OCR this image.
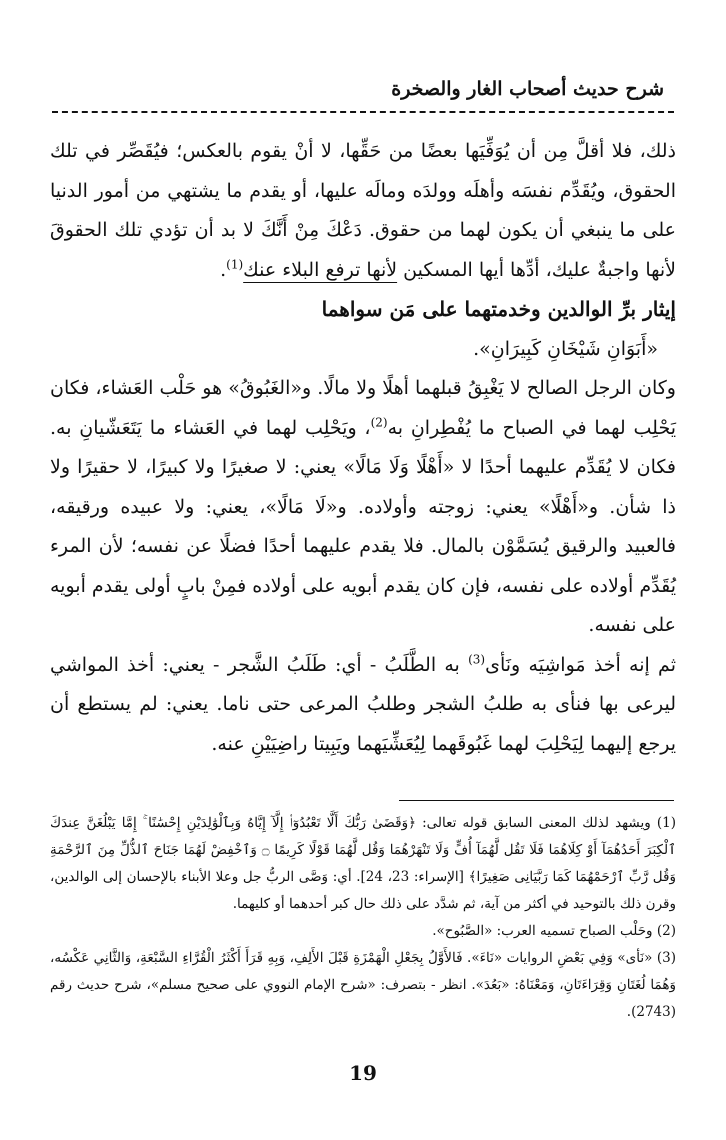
شرح حديث أصحاب الغار والصخرة

ذلك، فلا أقلَّ مِن أن يُوَفِّيَها بعضًا من حَقِّها، لا أنْ يقوم بالعكس؛ فيُقَصِّر في تلك الحقوق، ويُقَدِّم نفسَه وأهلَه وولدَه ومالَه عليها، أو يقدم ما يشتهي من أمور الدنيا على ما ينبغي أن يكون لهما من حقوق. دَعْكَ مِنْ أَنَّكَ لا بد أن تؤدي تلك الحقوقَ لأنها واجبةٌ عليك، أدِّها أيها المسكين لأنها ترفع البلاء عنك$^{(1)}$.

إيثار برِّ الوالدين وخدمتهما على مَن سواهما

«أَبَوَانِ شَيْخَانِ كَبِيرَانِ».

وكان الرجل الصالح لا يَغْبِقُ قبلهما أهلًا ولا مالًا. و«الغَبُوقُ» هو حَلْب العَشاء، فكان يَحْلِب لهما في الصباح ما يُفْطِرانِ به$^{(2)}$، ويَحْلِب لهما في العَشاء ما يَتَعَشّيانِ به. فكان لا يُقَدِّم عليهما أحدًا لا «أَهْلًا وَلَا مَالًا» يعني: لا صغيرًا ولا كبيرًا، لا حقيرًا ولا ذا شأن. و«أَهْلًا» يعني: زوجته وأولاده. و«لَا مَالًا»، يعني: ولا عبيده ورقيقه، فالعبيد والرقيق يُسَمَّوْن بالمال. فلا يقدم عليهما أحدًا فضلًا عن نفسه؛ لأن المرء يُقَدِّم أولاده على نفسه، فإن كان يقدم أبويه على أولاده فمِنْ بابٍ أولى يقدم أبويه على نفسه.

ثم إنه أخذ مَواشِيَه ونَأى$^{(3)}$ به الطَّلَبُ - أي: طَلَبُ الشَّجر - يعني: أخذ المواشي ليرعى بها فنأى به طلبُ الشجر وطلبُ المرعى حتى ناما. يعني: لم يستطع أن يرجع إليهما لِيَحْلِبَ لهما غَبُوقَهما لِيُعَشِّيَهما ويَبِيتا راضِيَيْنِ عنه.

(1) ويشهد لذلك المعنى السابق قوله تعالى: ﴿وَقَضَىٰ رَبُّكَ أَلَّا تَعْبُدُوٓا۟ إِلَّآ إِيَّاهُ وَبِٱلْوَٰلِدَيْنِ إِحْسَٰنًا ۚ إِمَّا يَبْلُغَنَّ عِندَكَ ٱلْكِبَرَ أَحَدُهُمَآ أَوْ كِلَاهُمَا فَلَا تَقُل لَّهُمَآ أُفٍّ وَلَا تَنْهَرْهُمَا وَقُل لَّهُمَا قَوْلًا كَرِيمًا ۝ وَٱخْفِضْ لَهُمَا جَنَاحَ ٱلذُّلِّ مِنَ ٱلرَّحْمَةِ وَقُل رَّبِّ ٱرْحَمْهُمَا كَمَا رَبَّيَانِى صَغِيرًا﴾ [الإسراء: 23، 24]. أي: وَصَّى الربُّ جل وعلا الأبناء بالإحسان إلى الوالدين، وقرن ذلك بالتوحيد في أكثر من آية، ثم شدَّد على ذلك حال كبر أحدهما أو كليهما.

(2) وحَلْب الصباح تسميه العرب: «الصَّبُوح».

(3) «نَأى» وَفِي بَعْضِ الروايات «نَاءَ». فَالأَوَّلُ بِجَعْلِ الْهَمْزَةِ قَبْلَ الأَلِفِ، وَبِهِ قَرَأَ أَكْثَرُ الْقُرَّاءِ السَّبْعَةِ، وَالثَّانِي عَكْسُه، وَهُمَا لُغَتَانِ وَقِرَاءَتَانِ، وَمَعْنَاهُ: «بَعُدَ». انظر - بتصرف: «شرح الإمام النووي على صحيح مسلم»، شرح حديث رقم (2743).

19
